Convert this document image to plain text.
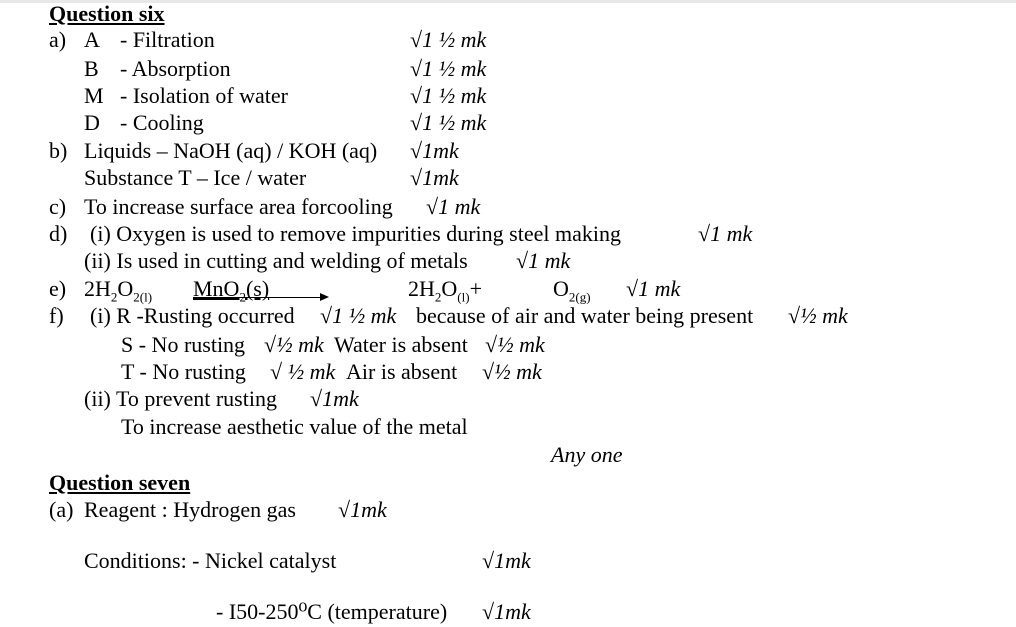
Question six
a) A - Filtration	√1 ½ mk
B - Absorption	√1 ½ mk
M - Isolation of water	√1 ½ mk
D - Cooling	√1 ½ mk
b) Liquids – NaOH (aq) / KOH (aq) √1mk
Substance T – Ice / water	√1mk
c) To increase surface area forcooling √1 mk
d) (i) Oxygen is used to remove impurities during steel making	√1 mk
(ii) Is used in cutting and welding of metals √1 mk
e) $2H_2O_{2(l)}$ MnO$_2$(s)	$2H_2O_{(l)}+$	$O_{2(g)}$ √1 mk
f) (i) R -Rusting occurred √1 ½ mk because of air and water being present √½ mk
S - No rusting √½ mk Water is absent √½ mk
T - No rusting √ ½ mk Air is absent √½ mk
(ii) To prevent rusting √1mk
To increase aesthetic value of the metal
Any one
Question seven
(a) Reagent : Hydrogen gas √1mk
Conditions: - Nickel catalyst	√1mk
- I50-250⁰C (temperature) √1mk
